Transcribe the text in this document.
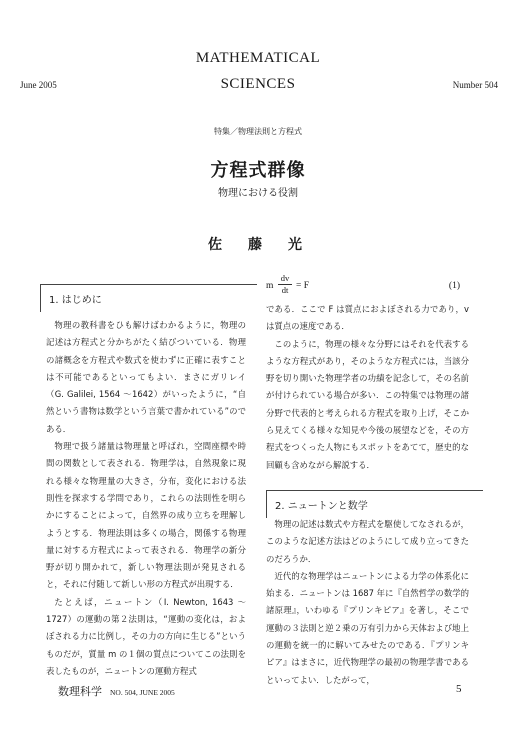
MATHEMATICAL
SCIENCES
June 2005	Number 504
特集／物理法則と方程式
方程式群像
物理における役割
佐　藤　光
1. はじめに

物理の教科書をひも解けばわかるように，物理の記述は方程式と分かちがたく結びついている．物理の諸概念を方程式や数式を使わずに正確に表すことは不可能であるといってもよい．まさにガリレイ（G. Galilei, 1564 ～1642）がいったように，“自然という書物は数学という言葉で書かれている”のである．

物理で扱う諸量は物理量と呼ばれ，空間座標や時間の関数として表される．物理学は，自然現象に現れる様々な物理量の大きさ，分布，変化における法則性を探求する学問であり，これらの法則性を明らかにすることによって，自然界の成り立ちを理解しようとする．物理法則は多くの場合，関係する物理量に対する方程式によって表される．物理学の新分野が切り開かれて，新しい物理法則が発見されると，それに付随して新しい形の方程式が出現する．

たとえば，ニュートン（I. Newton, 1643 ～1727）の運動の第２法則は，“運動の変化は，およぼされる力に比例し，その力の方向に生じる”というものだが，質量 m の１個の質点についてこの法則を表したものが，ニュートンの運動方程式

m $\frac{dv}{dt} = F$	(1)

である．ここで F は質点におよぼされる力であり，v は質点の速度である．

このように，物理の様々な分野にはそれを代表するような方程式があり，そのような方程式には，当該分野を切り開いた物理学者の功績を記念して，その名前が付けられている場合が多い．この特集では物理の諸分野で代表的と考えられる方程式を取り上げ，そこから見えてくる様々な知見や今後の展望などを，その方程式をつくった人物にもスポットをあてて，歴史的な回顧も含めながら解説する．

2. ニュートンと数学

物理の記述は数式や方程式を駆使してなされるが，このような記述方法はどのようにして成り立ってきたのだろうか．

近代的な物理学はニュートンによる力学の体系化に始まる．ニュートンは 1687 年に『自然哲学の数学的諸原理』，いわゆる『プリンキピア』を著し，そこで運動の３法則と逆２乗の万有引力から天体および地上の運動を統一的に解いてみせたのである．『プリンキピア』はまさに，近代物理学の最初の物理学書であるといってよい．したがって，

数理科学 NO. 504, JUNE 2005	5
